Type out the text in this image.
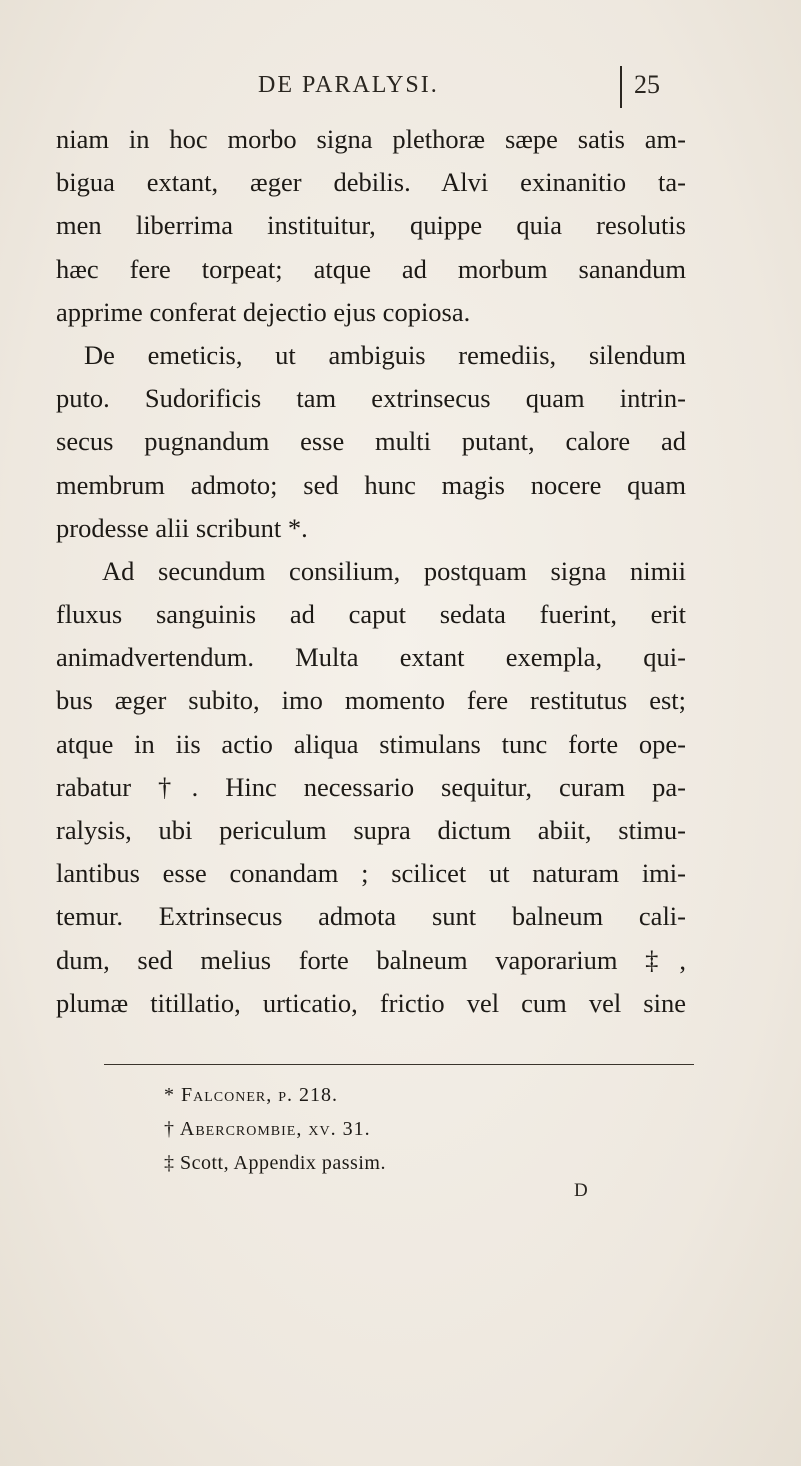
DE PARALYSI.	25
niam in hoc morbo signa plethoræ sæpe satis am-
bigua extant, æger debilis. Alvi exinanitio ta-
men liberrima instituitur, quippe quia resolutis
hæc fere torpeat; atque ad morbum sanandum
apprime conferat dejectio ejus copiosa.
De emeticis, ut ambiguis remediis, silendum
puto. Sudorificis tam extrinsecus quam intrin-
secus pugnandum esse multi putant, calore ad
membrum admoto; sed hunc magis nocere quam
prodesse alii scribunt *.
Ad secundum consilium, postquam signa nimii
fluxus sanguinis ad caput sedata fuerint, erit
animadvertendum. Multa extant exempla, qui-
bus æger subito, imo momento fere restitutus est;
atque in iis actio aliqua stimulans tunc forte ope-
rabatur †. Hinc necessario sequitur, curam pa-
ralysis, ubi periculum supra dictum abiit, stimu-
lantibus esse conandam ; scilicet ut naturam imi-
temur. Extrinsecus admota sunt balneum cali-
dum, sed melius forte balneum vaporarium ‡,
plumæ titillatio, urticatio, frictio vel cum vel sine
* Falconer, p. 218.
† Abercrombie, xv. 31.
‡ Scott, Appendix passim.
D
